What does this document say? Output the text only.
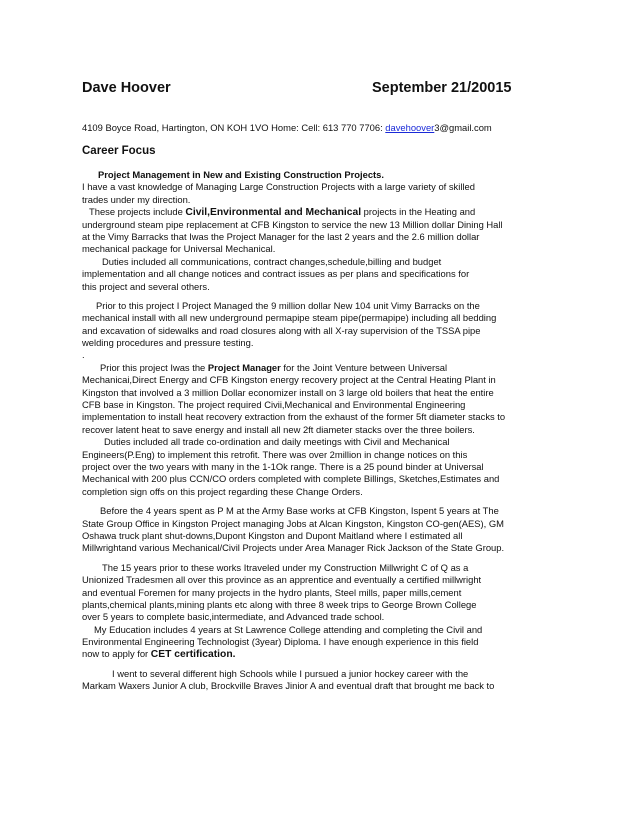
Dave Hoover	September 21/20015
4109 Boyce Road, Hartington, ON KOH 1VO Home: Cell: 613 770 7706: davehoover3@gmail.com
Career Focus
Project Management in New and Existing Construction Projects.
I have a vast knowledge of Managing Large Construction Projects with a large variety of skilled
trades under my direction.
These projects include Civil,Environmental and Mechanical projects in the Heating and
underground steam pipe replacement at CFB Kingston to service the new 13 Million dollar Dining Hall
at the Vimy Barracks that Iwas the Project Manager for the last 2 years and the 2.6 million dollar
mechanical package for Universal Mechanical.
Duties included all communications, contract changes,schedule,billing and budget
implementation and all change notices and contract issues as per plans and specifications for
this project and several others.
Prior to this project I Project Managed the 9 million dollar New 104 unit Vimy Barracks on the
mechanical install with all new underground permapipe steam pipe(permapipe) including all bedding
and excavation of sidewalks and road closures along with all X-ray supervision of the TSSA pipe
welding procedures and pressure testing.
.
Prior this project Iwas the Project Manager for the Joint Venture between Universal
Mechanicai,Direct Energy and CFB Kingston energy recovery project at the Central Heating Plant in
Kingston that involved a 3 million Dollar economizer install on 3 large old boilers that heat the entire
CFB base in Kingston. The project required Civii,Mechanical and Environmental Engineering
implementation to install heat recovery extraction from the exhaust of the former 5ft diameter stacks to
recover latent heat to save energy and install all new 2ft diameter stacks over the three boilers.
Duties included all trade co-ordination and daily meetings with Civil and Mechanical
Engineers(P.Eng) to implement this retrofit. There was over 2million in change notices on this
project over the two years with many in the 1-1Ok range. There is a 25 pound binder at Universal
Mechanical with 200 plus CCN/CO orders completed with complete Billings, Sketches,Estimates and
completion sign offs on this project regarding these Change Orders.
Before the 4 years spent as P M at the Army Base works at CFB Kingston, Ispent 5 years at The
State Group Office in Kingston Project managing Jobs at Alcan Kingston, Kingston CO-gen(AES), GM
Oshawa truck plant shut-downs,Dupont Kingston and Dupont Maitland where I estimated all
Millwrightand various Mechanical/Civil Projects under Area Manager Rick Jackson of the State Group.
The 15 years prior to these works Itraveled under my Construction Millwright C of Q as a
Unionized Tradesmen all over this province as an apprentice and eventually a certified millwright
and eventual Foremen for many projects in the hydro plants, Steel mills, paper mills,cement
plants,chemical plants,mining plants etc along with three 8 week trips to George Brown College
over 5 years to complete basic,intermediate, and Advanced trade school.
My Education includes 4 years at St Lawrence College attending and completing the Civil and
Environmental Engineering Technologist (3year) Diploma. I have enough experience in this field
now to apply for CET certification.
I went to several different high Schools while I pursued a junior hockey career with the
Markam Waxers Junior A club, Brockville Braves Jinior A and eventual draft that brought me back to
